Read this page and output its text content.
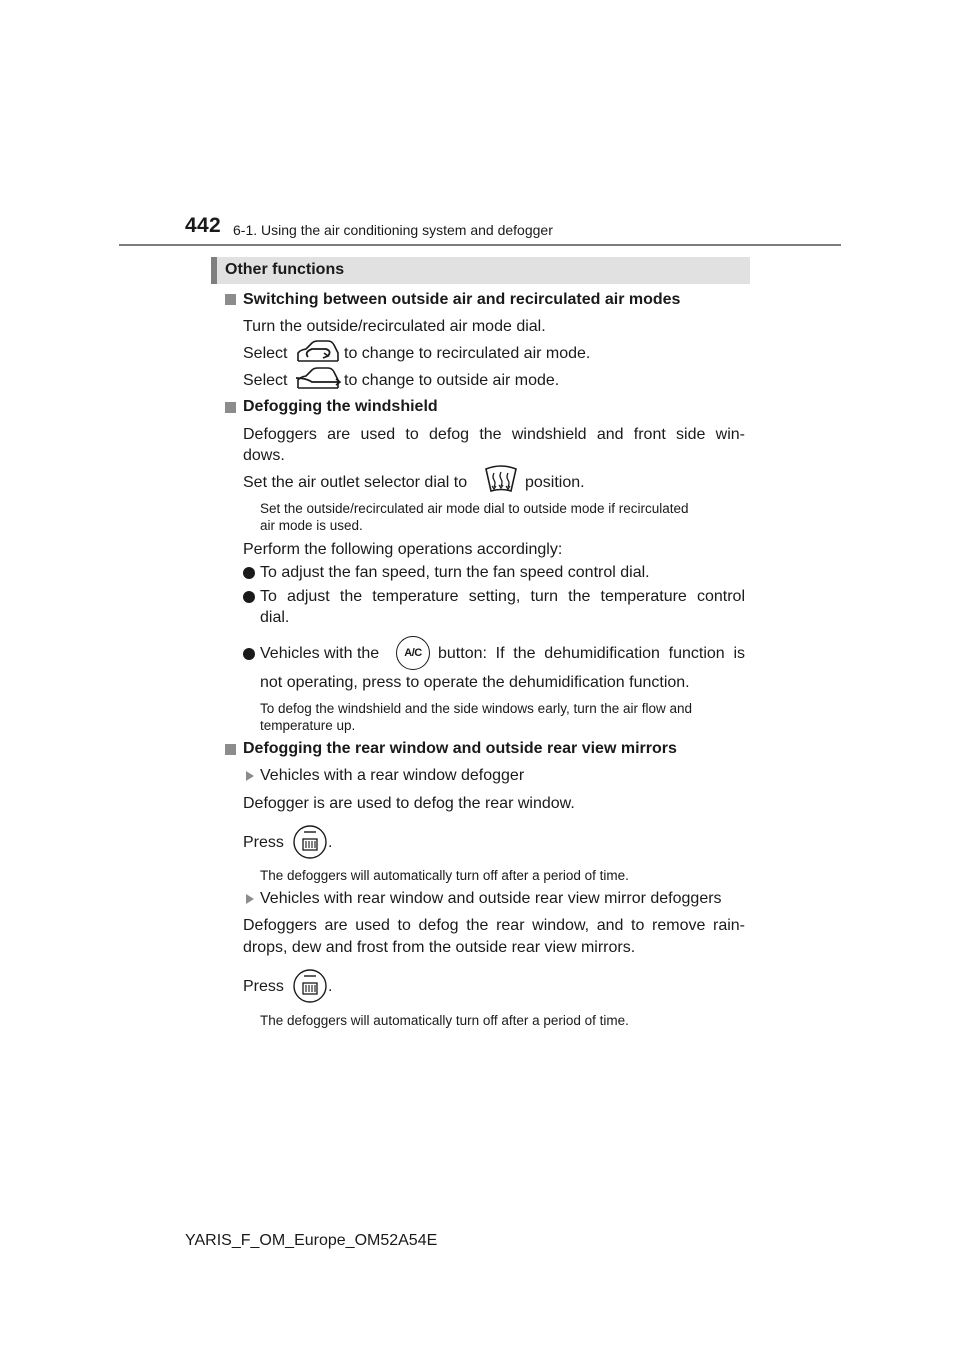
442 6-1. Using the air conditioning system and defogger
Other functions
Switching between outside air and recirculated air modes
Turn the outside/recirculated air mode dial.
Select	to change to recirculated air mode.
Select	to change to outside air mode.
Defogging the windshield
Defoggers are used to defog the windshield and front side win-
dows.
Set the air outlet selector dial to	position.
Set the outside/recirculated air mode dial to outside mode if recirculated
air mode is used.
Perform the following operations accordingly:
To adjust the fan speed, turn the fan speed control dial.
To adjust the temperature setting, turn the temperature control
dial.
Vehicles with the A/C button: If the dehumidification function is
not operating, press to operate the dehumidification function.
To defog the windshield and the side windows early, turn the air flow and
temperature up.
Defogging the rear window and outside rear view mirrors
Vehicles with a rear window defogger
Defogger is are used to defog the rear window.
Press	.
The defoggers will automatically turn off after a period of time.
Vehicles with rear window and outside rear view mirror defoggers
Defoggers are used to defog the rear window, and to remove rain-
drops, dew and frost from the outside rear view mirrors.
Press	.
The defoggers will automatically turn off after a period of time.
YARIS_F_OM_Europe_OM52A54E
